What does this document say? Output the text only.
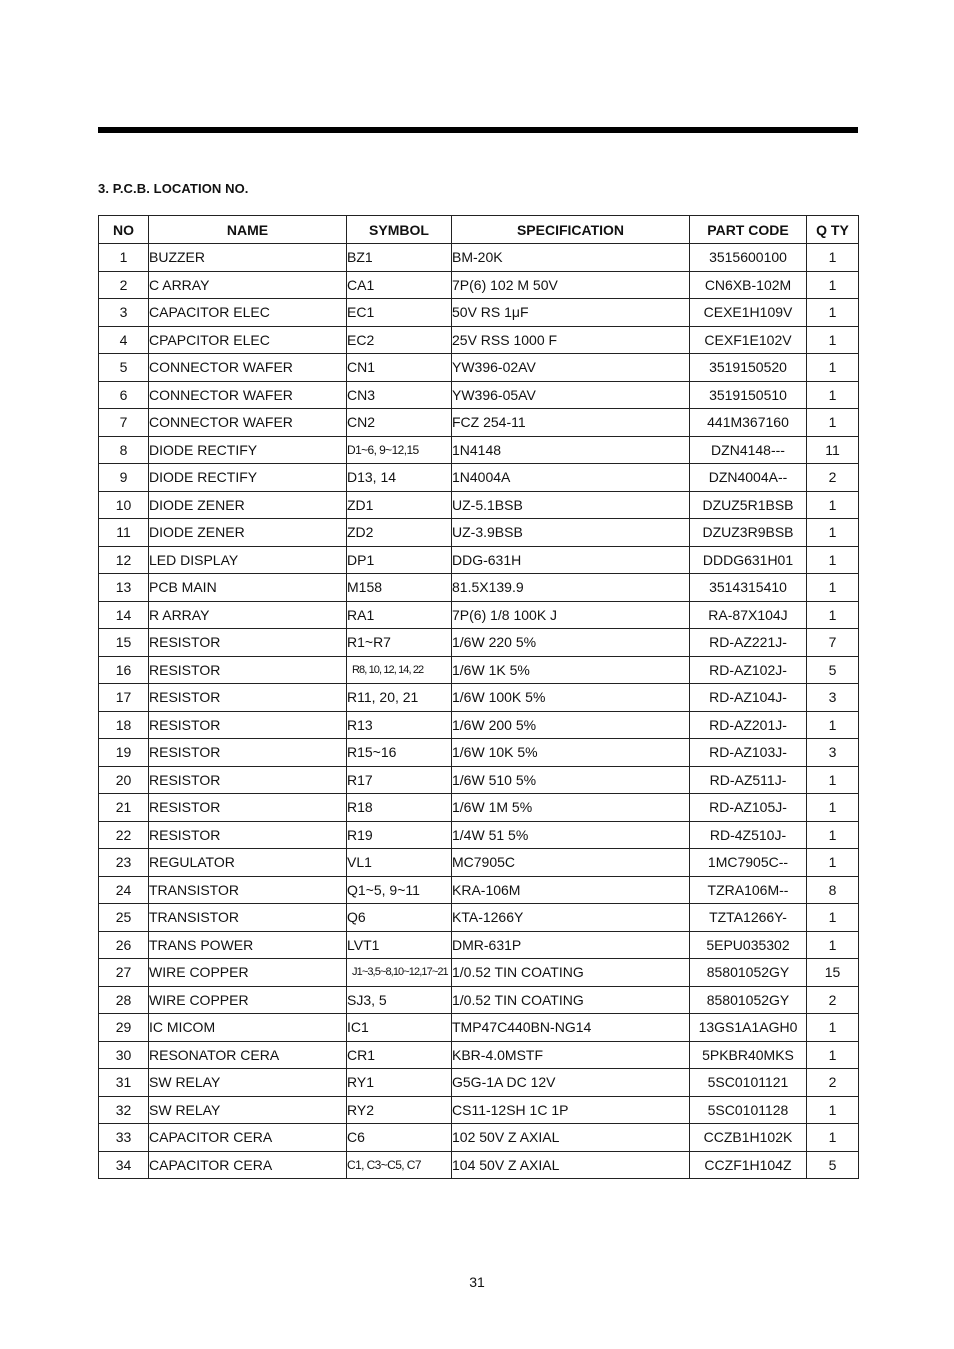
3. P.C.B. LOCATION NO.
NO	NAME	SYMBOL	SPECIFICATION	PART CODE	Q TY
1	BUZZER	BZ1	BM-20K	3515600100	1
2	C ARRAY	CA1	7P(6) 102 M 50V	CN6XB-102M	1
3	CAPACITOR ELEC	EC1	50V RS 1μF	CEXE1H109V	1
4	CPAPCITOR ELEC	EC2	25V RSS 1000 F	CEXF1E102V	1
5	CONNECTOR WAFER	CN1	YW396-02AV	3519150520	1
6	CONNECTOR WAFER	CN3	YW396-05AV	3519150510	1
7	CONNECTOR WAFER	CN2	FCZ 254-11	441M367160	1
8	DIODE RECTIFY	D1~6, 9~12,15	1N4148	DZN4148---	11
9	DIODE RECTIFY	D13, 14	1N4004A	DZN4004A--	2
10	DIODE ZENER	ZD1	UZ-5.1BSB	DZUZ5R1BSB	1
11	DIODE ZENER	ZD2	UZ-3.9BSB	DZUZ3R9BSB	1
12	LED DISPLAY	DP1	DDG-631H	DDDG631H01	1
13	PCB MAIN	M158	81.5X139.9	3514315410	1
14	R ARRAY	RA1	7P(6) 1/8 100K J	RA-87X104J	1
15	RESISTOR	R1~R7	1/6W 220 5%	RD-AZ221J-	7
16	RESISTOR	R8, 10, 12, 14, 22	1/6W 1K 5%	RD-AZ102J-	5
17	RESISTOR	R11, 20, 21	1/6W 100K 5%	RD-AZ104J-	3
18	RESISTOR	R13	1/6W 200 5%	RD-AZ201J-	1
19	RESISTOR	R15~16	1/6W 10K 5%	RD-AZ103J-	3
20	RESISTOR	R17	1/6W 510 5%	RD-AZ511J-	1
21	RESISTOR	R18	1/6W 1M 5%	RD-AZ105J-	1
22	RESISTOR	R19	1/4W 51 5%	RD-4Z510J-	1
23	REGULATOR	VL1	MC7905C	1MC7905C--	1
24	TRANSISTOR	Q1~5, 9~11	KRA-106M	TZRA106M--	8
25	TRANSISTOR	Q6	KTA-1266Y	TZTA1266Y-	1
26	TRANS POWER	LVT1	DMR-631P	5EPU035302	1
27	WIRE COPPER	J1~3,5~8,10~12,17~21	1/0.52 TIN COATING	85801052GY	15
28	WIRE COPPER	SJ3, 5	1/0.52 TIN COATING	85801052GY	2
29	IC MICOM	IC1	TMP47C440BN-NG14	13GS1A1AGH0	1
30	RESONATOR CERA	CR1	KBR-4.0MSTF	5PKBR40MKS	1
31	SW RELAY	RY1	G5G-1A DC 12V	5SC0101121	2
32	SW RELAY	RY2	CS11-12SH 1C 1P	5SC0101128	1
33	CAPACITOR CERA	C6	102 50V Z AXIAL	CCZB1H102K	1
34	CAPACITOR CERA	C1, C3~C5, C7	104 50V Z AXIAL	CCZF1H104Z	5
31
